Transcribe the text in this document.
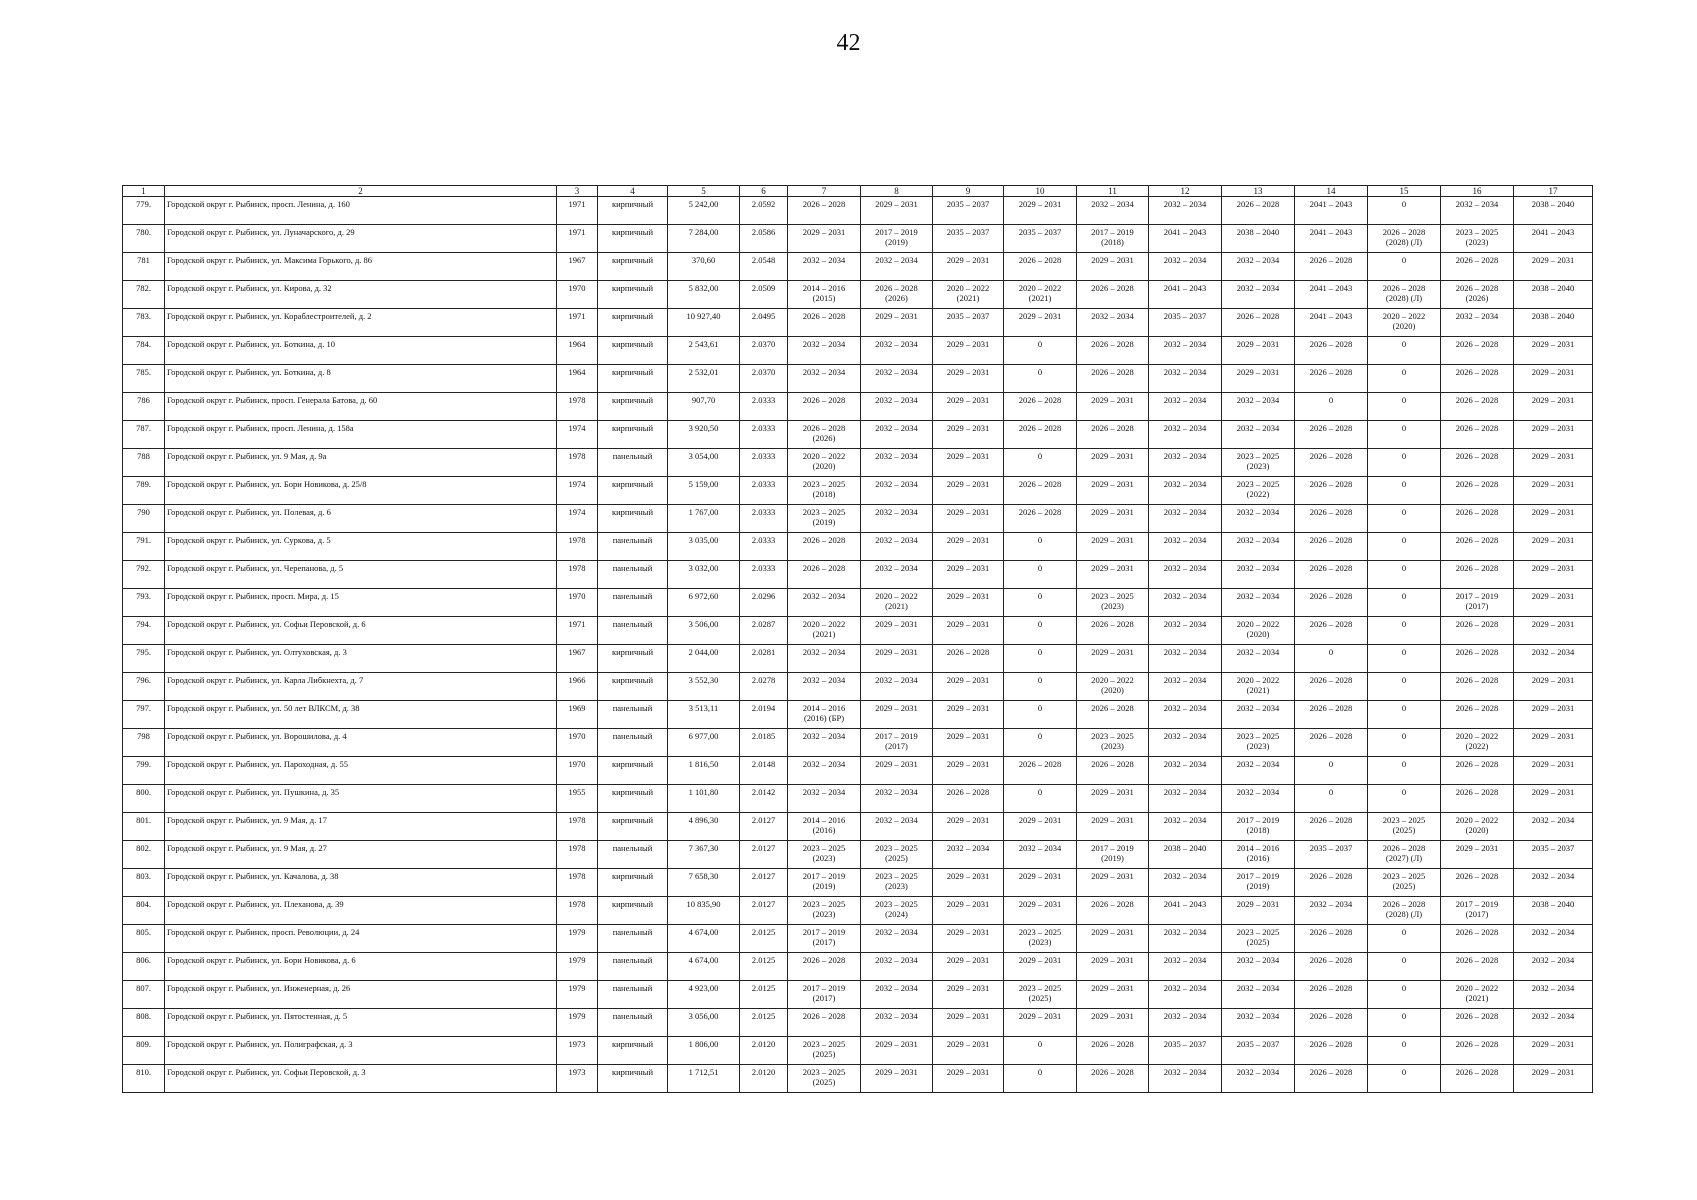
42
1	2	3	4	5	6	7	8	9	10	11	12	13	14	15	16	17
779.	Городской округ г. Рыбинск, просп. Ленина, д. 160	1971	кирпичный	5 242,00	2.0592	2026 – 2028	2029 – 2031	2035 – 2037	2029 – 2031	2032 – 2034	2032 – 2034	2026 – 2028	2041 – 2043	0	2032 – 2034	2038 – 2040
780.	Городской округ г. Рыбинск, ул. Луначарского, д. 29	1971	кирпичный	7 284,00	2.0586	2029 – 2031	2017 – 2019
(2019)	2035 – 2037	2035 – 2037	2017 – 2019
(2018)	2041 – 2043	2038 – 2040	2041 – 2043	2026 – 2028
(2028) (Л)	2023 – 2025
(2023)	2041 – 2043
781	Городской округ г. Рыбинск, ул. Максима Горького, д. 86	1967	кирпичный	370,60	2.0548	2032 – 2034	2032 – 2034	2029 – 2031	2026 – 2028	2029 – 2031	2032 – 2034	2032 – 2034	2026 – 2028	0	2026 – 2028	2029 – 2031
782.	Городской округ г. Рыбинск, ул. Кирова, д. 32	1970	кирпичный	5 832,00	2.0509	2014 – 2016
(2015)	2026 – 2028
(2026)	2020 – 2022
(2021)	2020 – 2022
(2021)	2026 – 2028	2041 – 2043	2032 – 2034	2041 – 2043	2026 – 2028
(2028) (Л)	2026 – 2028
(2026)	2038 – 2040
783.	Городской округ г. Рыбинск, ул. Кораблестроителей, д. 2	1971	кирпичный	10 927,40	2.0495	2026 – 2028	2029 – 2031	2035 – 2037	2029 – 2031	2032 – 2034	2035 – 2037	2026 – 2028	2041 – 2043	2020 – 2022
(2020)	2032 – 2034	2038 – 2040
784.	Городской округ г. Рыбинск, ул. Боткина, д. 10	1964	кирпичный	2 543,61	2.0370	2032 – 2034	2032 – 2034	2029 – 2031	0	2026 – 2028	2032 – 2034	2029 – 2031	2026 – 2028	0	2026 – 2028	2029 – 2031
785.	Городской округ г. Рыбинск, ул. Боткина, д. 8	1964	кирпичный	2 532,01	2.0370	2032 – 2034	2032 – 2034	2029 – 2031	0	2026 – 2028	2032 – 2034	2029 – 2031	2026 – 2028	0	2026 – 2028	2029 – 2031
786	Городской округ г. Рыбинск, просп. Генерала Батова, д. 60	1978	кирпичный	907,70	2.0333	2026 – 2028	2032 – 2034	2029 – 2031	2026 – 2028	2029 – 2031	2032 – 2034	2032 – 2034	0	0	2026 – 2028	2029 – 2031
787.	Городской округ г. Рыбинск, просп. Ленина, д. 158а	1974	кирпичный	3 920,50	2.0333	2026 – 2028
(2026)	2032 – 2034	2029 – 2031	2026 – 2028	2026 – 2028	2032 – 2034	2032 – 2034	2026 – 2028	0	2026 – 2028	2029 – 2031
788	Городской округ г. Рыбинск, ул. 9 Мая, д. 9а	1978	панельный	3 054,00	2.0333	2020 – 2022
(2020)	2032 – 2034	2029 – 2031	0	2029 – 2031	2032 – 2034	2023 – 2025
(2023)	2026 – 2028	0	2026 – 2028	2029 – 2031
789.	Городской округ г. Рыбинск, ул. Бори Новикова, д. 25/8	1974	кирпичный	5 159,00	2.0333	2023 – 2025
(2018)	2032 – 2034	2029 – 2031	2026 – 2028	2029 – 2031	2032 – 2034	2023 – 2025
(2022)	2026 – 2028	0	2026 – 2028	2029 – 2031
790	Городской округ г. Рыбинск, ул. Полевая, д. 6	1974	кирпичный	1 767,00	2.0333	2023 – 2025
(2019)	2032 – 2034	2029 – 2031	2026 – 2028	2029 – 2031	2032 – 2034	2032 – 2034	2026 – 2028	0	2026 – 2028	2029 – 2031
791.	Городской округ г. Рыбинск, ул. Суркова, д. 5	1978	панельный	3 035,00	2.0333	2026 – 2028	2032 – 2034	2029 – 2031	0	2029 – 2031	2032 – 2034	2032 – 2034	2026 – 2028	0	2026 – 2028	2029 – 2031
792.	Городской округ г. Рыбинск, ул. Черепанова, д. 5	1978	панельный	3 032,00	2.0333	2026 – 2028	2032 – 2034	2029 – 2031	0	2029 – 2031	2032 – 2034	2032 – 2034	2026 – 2028	0	2026 – 2028	2029 – 2031
793.	Городской округ г. Рыбинск, просп. Мира, д. 15	1970	панельный	6 972,60	2.0296	2032 – 2034	2020 – 2022
(2021)	2029 – 2031	0	2023 – 2025
(2023)	2032 – 2034	2032 – 2034	2026 – 2028	0	2017 – 2019
(2017)	2029 – 2031
794.	Городской округ г. Рыбинск, ул. Софьи Перовской, д. 6	1971	панельный	3 506,00	2.0287	2020 – 2022
(2021)	2029 – 2031	2029 – 2031	0	2026 – 2028	2032 – 2034	2020 – 2022
(2020)	2026 – 2028	0	2026 – 2028	2029 – 2031
795.	Городской округ г. Рыбинск, ул. Олтуховская, д. 3	1967	кирпичный	2 044,00	2.0281	2032 – 2034	2029 – 2031	2026 – 2028	0	2029 – 2031	2032 – 2034	2032 – 2034	0	0	2026 – 2028	2032 – 2034
796.	Городской округ г. Рыбинск, ул. Карла Либкнехта, д. 7	1966	кирпичный	3 552,30	2.0278	2032 – 2034	2032 – 2034	2029 – 2031	0	2020 – 2022
(2020)	2032 – 2034	2020 – 2022
(2021)	2026 – 2028	0	2026 – 2028	2029 – 2031
797.	Городской округ г. Рыбинск, ул. 50 лет ВЛКСМ, д. 38	1969	панельный	3 513,11	2.0194	2014 – 2016
(2016) (БР)	2029 – 2031	2029 – 2031	0	2026 – 2028	2032 – 2034	2032 – 2034	2026 – 2028	0	2026 – 2028	2029 – 2031
798	Городской округ г. Рыбинск, ул. Ворошилова, д. 4	1970	панельный	6 977,00	2.0185	2032 – 2034	2017 – 2019
(2017)	2029 – 2031	0	2023 – 2025
(2023)	2032 – 2034	2023 – 2025
(2023)	2026 – 2028	0	2020 – 2022
(2022)	2029 – 2031
799.	Городской округ г. Рыбинск, ул. Пароходная, д. 55	1970	кирпичный	1 816,50	2.0148	2032 – 2034	2029 – 2031	2029 – 2031	2026 – 2028	2026 – 2028	2032 – 2034	2032 – 2034	0	0	2026 – 2028	2029 – 2031
800.	Городской округ г. Рыбинск, ул. Пушкина, д. 35	1955	кирпичный	1 101,80	2.0142	2032 – 2034	2032 – 2034	2026 – 2028	0	2029 – 2031	2032 – 2034	2032 – 2034	0	0	2026 – 2028	2029 – 2031
801.	Городской округ г. Рыбинск, ул. 9 Мая, д. 17	1978	кирпичный	4 896,30	2.0127	2014 – 2016
(2016)	2032 – 2034	2029 – 2031	2029 – 2031	2029 – 2031	2032 – 2034	2017 – 2019
(2018)	2026 – 2028	2023 – 2025
(2025)	2020 – 2022
(2020)	2032 – 2034
802.	Городской округ г. Рыбинск, ул. 9 Мая, д. 27	1978	панельный	7 367,30	2.0127	2023 – 2025
(2023)	2023 – 2025
(2025)	2032 – 2034	2032 – 2034	2017 – 2019
(2019)	2038 – 2040	2014 – 2016
(2016)	2035 – 2037	2026 – 2028
(2027) (Л)	2029 – 2031	2035 – 2037
803.	Городской округ г. Рыбинск, ул. Качалова, д. 38	1978	кирпичный	7 658,30	2.0127	2017 – 2019
(2019)	2023 – 2025
(2023)	2029 – 2031	2029 – 2031	2029 – 2031	2032 – 2034	2017 – 2019
(2019)	2026 – 2028	2023 – 2025
(2025)	2026 – 2028	2032 – 2034
804.	Городской округ г. Рыбинск, ул. Плеханова, д. 39	1978	кирпичный	10 835,90	2.0127	2023 – 2025
(2023)	2023 – 2025
(2024)	2029 – 2031	2029 – 2031	2026 – 2028	2041 – 2043	2029 – 2031	2032 – 2034	2026 – 2028
(2028) (Л)	2017 – 2019
(2017)	2038 – 2040
805.	Городской округ г. Рыбинск, просп. Революции, д. 24	1979	панельный	4 674,00	2.0125	2017 – 2019
(2017)	2032 – 2034	2029 – 2031	2023 – 2025
(2023)	2029 – 2031	2032 – 2034	2023 – 2025
(2025)	2026 – 2028	0	2026 – 2028	2032 – 2034
806.	Городской округ г. Рыбинск, ул. Бори Новикова, д. 6	1979	панельный	4 674,00	2.0125	2026 – 2028	2032 – 2034	2029 – 2031	2029 – 2031	2029 – 2031	2032 – 2034	2032 – 2034	2026 – 2028	0	2026 – 2028	2032 – 2034
807.	Городской округ г. Рыбинск, ул. Инженерная, д. 26	1979	панельный	4 923,00	2.0125	2017 – 2019
(2017)	2032 – 2034	2029 – 2031	2023 – 2025
(2025)	2029 – 2031	2032 – 2034	2032 – 2034	2026 – 2028	0	2020 – 2022
(2021)	2032 – 2034
808.	Городской округ г. Рыбинск, ул. Пятостенная, д. 5	1979	панельный	3 056,00	2.0125	2026 – 2028	2032 – 2034	2029 – 2031	2029 – 2031	2029 – 2031	2032 – 2034	2032 – 2034	2026 – 2028	0	2026 – 2028	2032 – 2034
809.	Городской округ г. Рыбинск, ул. Полиграфская, д. 3	1973	кирпичный	1 806,00	2.0120	2023 – 2025
(2025)	2029 – 2031	2029 – 2031	0	2026 – 2028	2035 – 2037	2035 – 2037	2026 – 2028	0	2026 – 2028	2029 – 2031
810.	Городской округ г. Рыбинск, ул. Софьи Перовской, д. 3	1973	кирпичный	1 712,51	2.0120	2023 – 2025
(2025)	2029 – 2031	2029 – 2031	0	2026 – 2028	2032 – 2034	2032 – 2034	2026 – 2028	0	2026 – 2028	2029 – 2031
